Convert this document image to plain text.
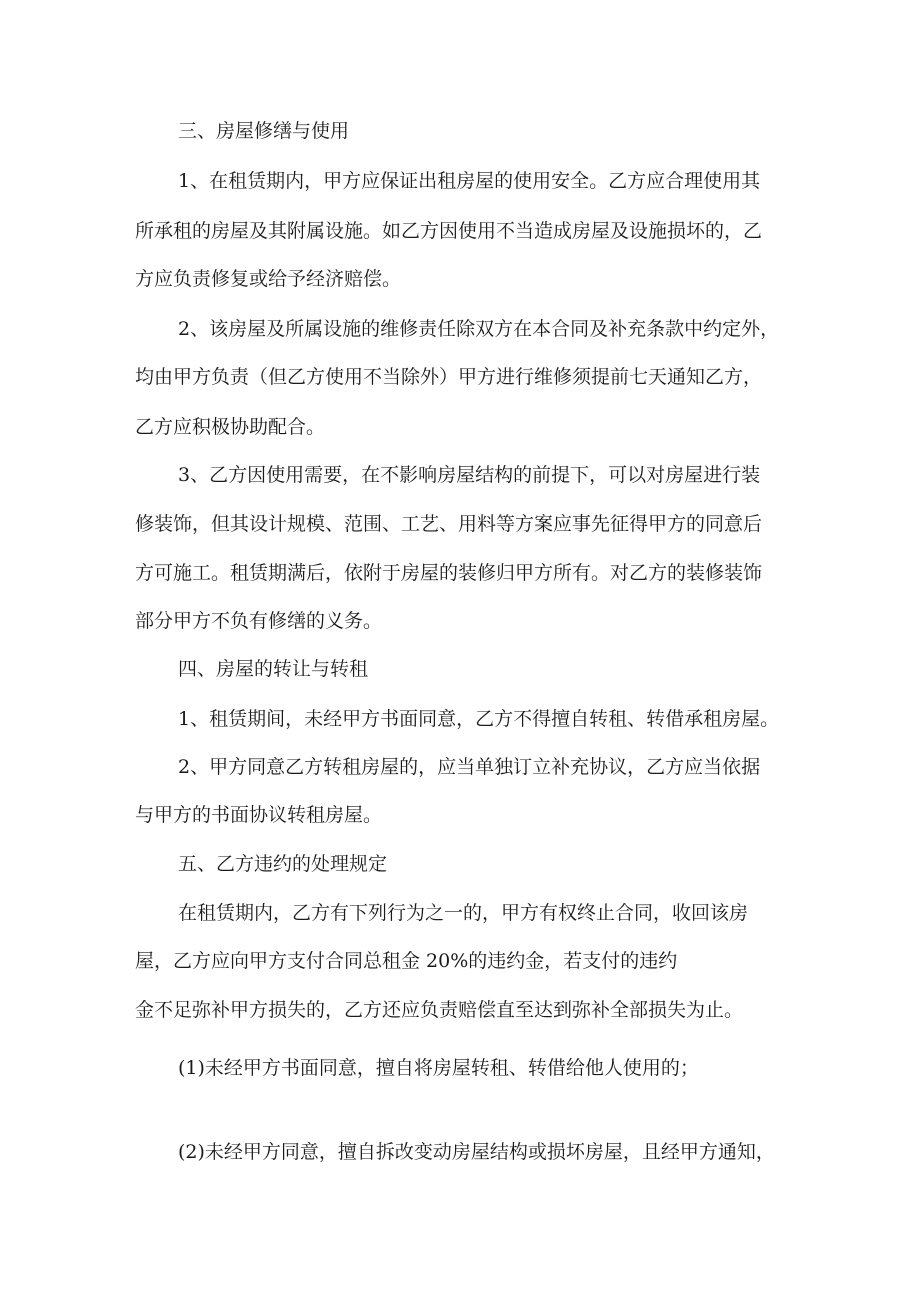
三、房屋修缮与使用
1、在租赁期内，甲方应保证出租房屋的使用安全。乙方应合理使用其
所承租的房屋及其附属设施。如乙方因使用不当造成房屋及设施损坏的，乙
方应负责修复或给予经济赔偿。
2、该房屋及所属设施的维修责任除双方在本合同及补充条款中约定外，
均由甲方负责（但乙方使用不当除外）甲方进行维修须提前七天通知乙方，
乙方应积极协助配合。
3、乙方因使用需要，在不影响房屋结构的前提下，可以对房屋进行装
修装饰，但其设计规模、范围、工艺、用料等方案应事先征得甲方的同意后
方可施工。租赁期满后，依附于房屋的装修归甲方所有。对乙方的装修装饰
部分甲方不负有修缮的义务。
四、房屋的转让与转租
1、租赁期间，未经甲方书面同意，乙方不得擅自转租、转借承租房屋。
2、甲方同意乙方转租房屋的，应当单独订立补充协议，乙方应当依据
与甲方的书面协议转租房屋。
五、乙方违约的处理规定
在租赁期内，乙方有下列行为之一的，甲方有权终止合同，收回该房
屋，乙方应向甲方支付合同总租金 20%的违约金，若支付的违约
金不足弥补甲方损失的，乙方还应负责赔偿直至达到弥补全部损失为止。
(1)未经甲方书面同意，擅自将房屋转租、转借给他人使用的；
(2)未经甲方同意，擅自拆改变动房屋结构或损坏房屋，且经甲方通知，
